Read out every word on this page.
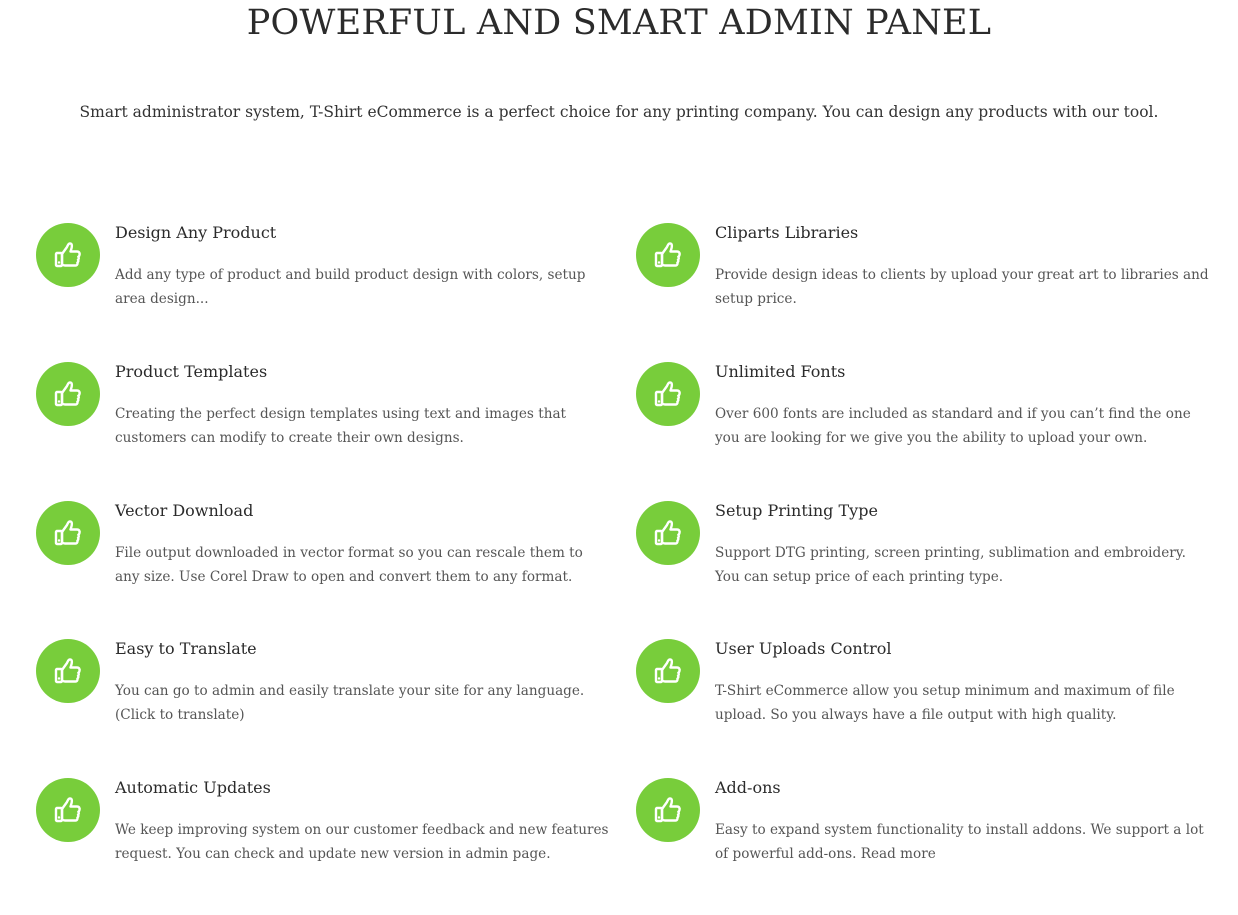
POWERFUL AND SMART ADMIN PANEL
Smart administrator system, T-Shirt eCommerce is a perfect choice for any printing company. You can design any products with our tool.
Design Any Product

Add any type of product and build product design with colors, setup area design...

Cliparts Libraries

Provide design ideas to clients by upload your great art to libraries and setup price.

Product Templates

Creating the perfect design templates using text and images that customers can modify to create their own designs.

Unlimited Fonts

Over 600 fonts are included as standard and if you can’t find the one you are looking for we give you the ability to upload your own.

Vector Download

File output downloaded in vector format so you can rescale them to any size. Use Corel Draw to open and convert them to any format.

Setup Printing Type

Support DTG printing, screen printing, sublimation and embroidery. You can setup price of each printing type.

Easy to Translate

You can go to admin and easily translate your site for any language. (Click to translate)

User Uploads Control

T-Shirt eCommerce allow you setup minimum and maximum of file upload. So you always have a file output with high quality.

Automatic Updates

We keep improving system on our customer feedback and new features request. You can check and update new version in admin page.

Add-ons

Easy to expand system functionality to install addons. We support a lot of powerful add-ons. Read more
